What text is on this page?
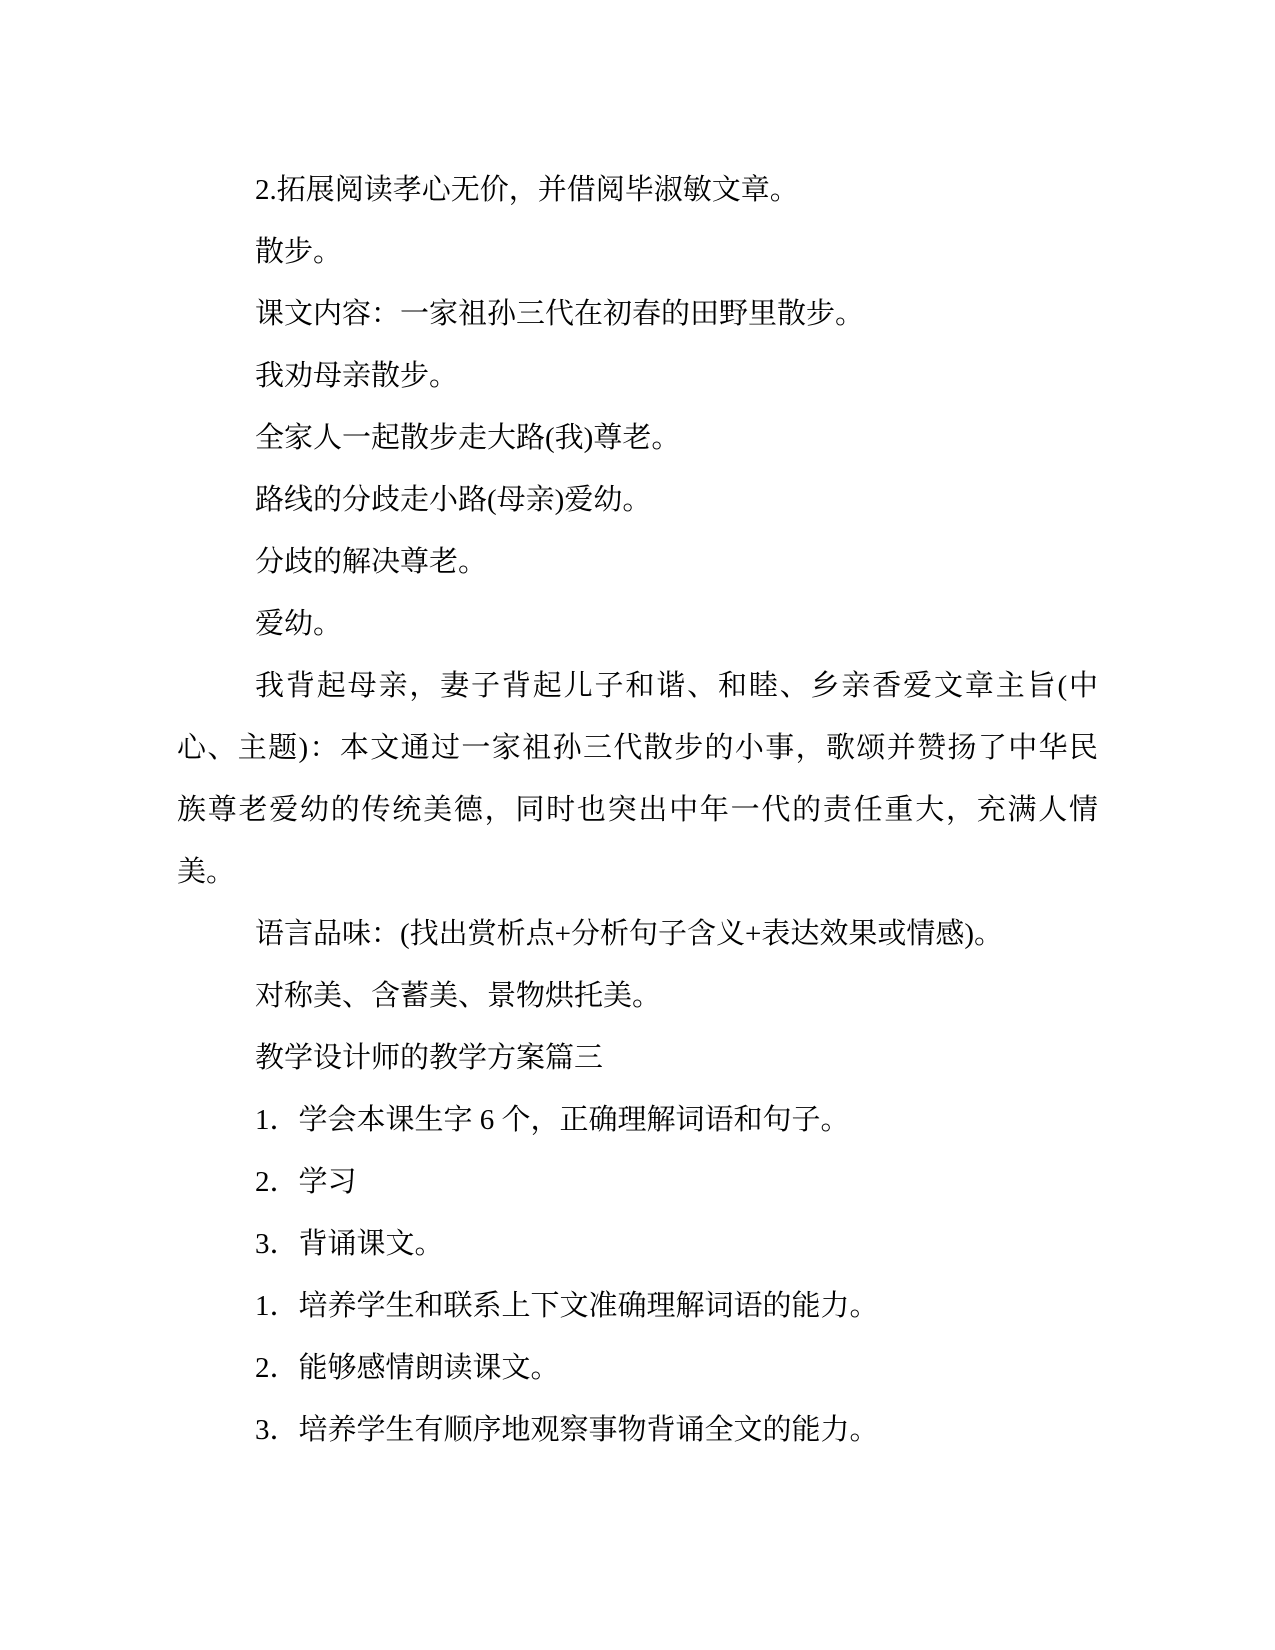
2.拓展阅读孝心无价，并借阅毕淑敏文章。
散步。
课文内容：一家祖孙三代在初春的田野里散步。
我劝母亲散步。
全家人一起散步走大路(我)尊老。
路线的分歧走小路(母亲)爱幼。
分歧的解决尊老。
爱幼。
我背起母亲，妻子背起儿子和谐、和睦、乡亲香爱文章主旨(中
心、主题)：本文通过一家祖孙三代散步的小事，歌颂并赞扬了中华民
族尊老爱幼的传统美德，同时也突出中年一代的责任重大，充满人情
美。
语言品味：(找出赏析点+分析句子含义+表达效果或情感)。
对称美、含蓄美、景物烘托美。
教学设计师的教学方案篇三
1．学会本课生字 6 个，正确理解词语和句子。
2．学习
3．背诵课文。
1．培养学生和联系上下文准确理解词语的能力。
2．能够感情朗读课文。
3．培养学生有顺序地观察事物背诵全文的能力。
